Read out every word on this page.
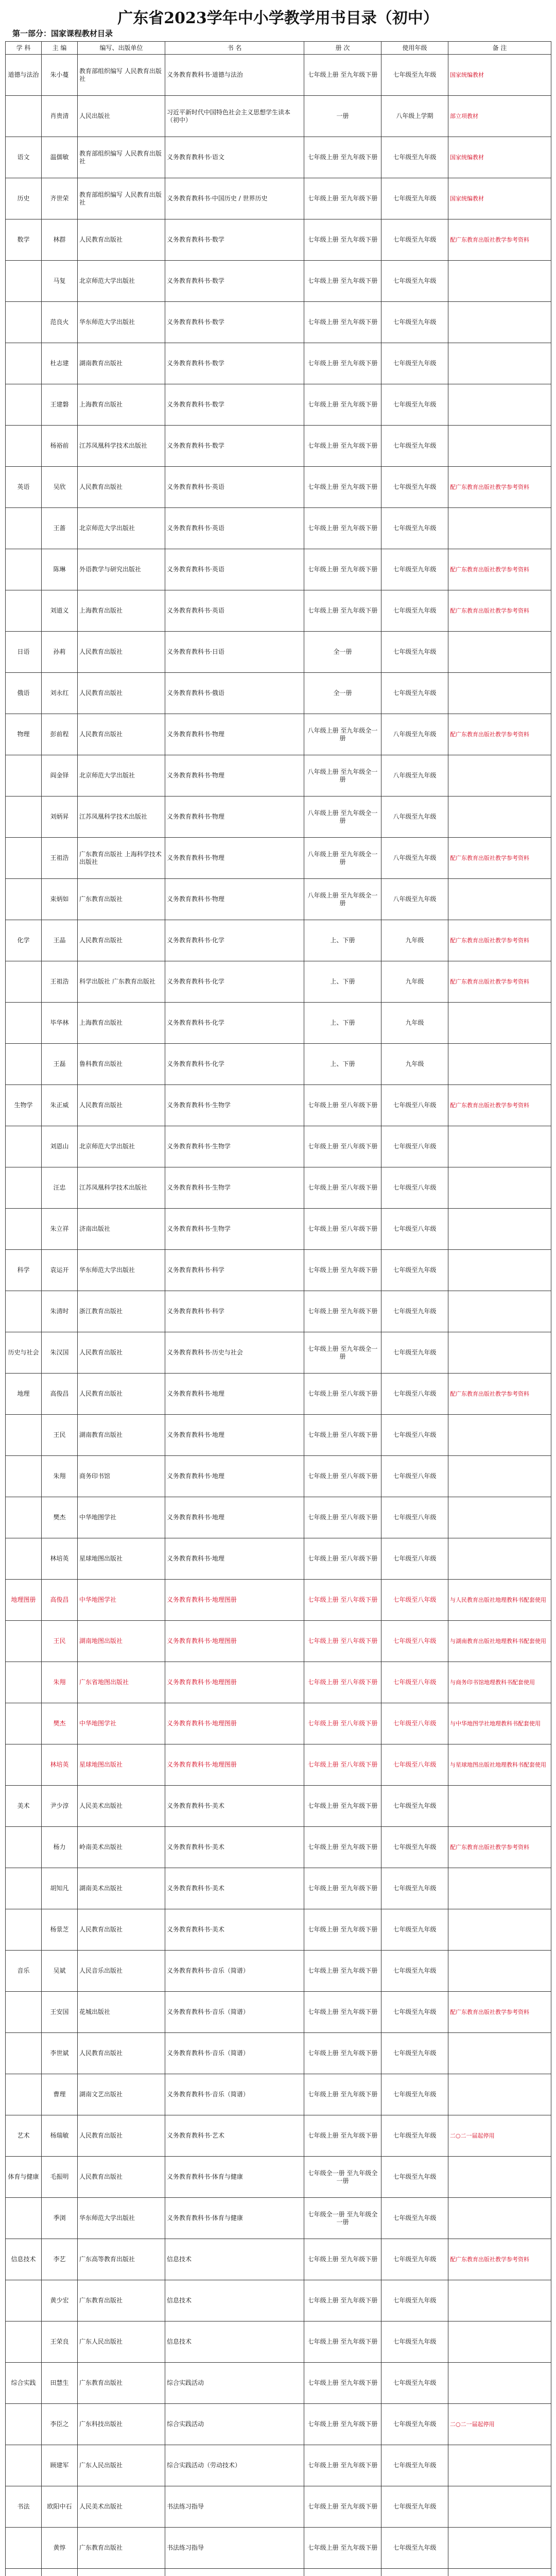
广东省2023学年中小学教学用书目录（初中）
第一部分：国家课程教材目录
学 科	主 编	编写、出版单位	书 名	册 次	使用年级	备 注
道德与法治	朱小蔓	教育部组织编写 人民教育出版社	义务教育教科书·道德与法治	七年级上册 至九年级下册	七年级至九年级	国家统编教材
	肖贵清	人民出版社	习近平新时代中国特色社会主义思想学生读本（初中）	一册	八年级上学期	部立项教材
语文	温儒敏	教育部组织编写 人民教育出版社	义务教育教科书·语文	七年级上册 至九年级下册	七年级至九年级	国家统编教材
历史	齐世荣	教育部组织编写 人民教育出版社	义务教育教科书·中国历史 / 世界历史	七年级上册 至九年级下册	七年级至九年级	国家统编教材
数学	林群	人民教育出版社	义务教育教科书·数学	七年级上册 至九年级下册	七年级至九年级	配广东教育出版社教学参考资料
	马复	北京师范大学出版社	义务教育教科书·数学	七年级上册 至九年级下册	七年级至九年级	
	范良火	华东师范大学出版社	义务教育教科书·数学	七年级上册 至九年级下册	七年级至九年级	
	杜志建	湖南教育出版社	义务教育教科书·数学	七年级上册 至九年级下册	七年级至九年级	
	王建磐	上海教育出版社	义务教育教科书·数学	七年级上册 至九年级下册	七年级至九年级	
	杨裕前	江苏凤凰科学技术出版社	义务教育教科书·数学	七年级上册 至九年级下册	七年级至九年级	
英语	吴欣	人民教育出版社	义务教育教科书·英语	七年级上册 至九年级下册	七年级至九年级	配广东教育出版社教学参考资料
	王蔷	北京师范大学出版社	义务教育教科书·英语	七年级上册 至九年级下册	七年级至九年级	
	陈琳	外语教学与研究出版社	义务教育教科书·英语	七年级上册 至九年级下册	七年级至九年级	配广东教育出版社教学参考资料
	刘道义	上海教育出版社	义务教育教科书·英语	七年级上册 至九年级下册	七年级至九年级	配广东教育出版社教学参考资料
日语	孙莉	人民教育出版社	义务教育教科书·日语	全一册	七年级至九年级	
俄语	刘永红	人民教育出版社	义务教育教科书·俄语	全一册	七年级至九年级	
物理	彭前程	人民教育出版社	义务教育教科书·物理	八年级上册 至九年级全一册	八年级至九年级	配广东教育出版社教学参考资料
	阎金铎	北京师范大学出版社	义务教育教科书·物理	八年级上册 至九年级全一册	八年级至九年级	
	刘炳昇	江苏凤凰科学技术出版社	义务教育教科书·物理	八年级上册 至九年级全一册	八年级至九年级	
	王祖浩	广东教育出版社 上海科学技术出版社	义务教育教科书·物理	八年级上册 至九年级全一册	八年级至九年级	配广东教育出版社教学参考资料
	束炳如	广东教育出版社	义务教育教科书·物理	八年级上册 至九年级全一册	八年级至九年级	
化学	王晶	人民教育出版社	义务教育教科书·化学	上、下册	九年级	配广东教育出版社教学参考资料
	王祖浩	科学出版社 广东教育出版社	义务教育教科书·化学	上、下册	九年级	配广东教育出版社教学参考资料
	毕华林	上海教育出版社	义务教育教科书·化学	上、下册	九年级	
	王磊	鲁科教育出版社	义务教育教科书·化学	上、下册	九年级	
生物学	朱正威	人民教育出版社	义务教育教科书·生物学	七年级上册 至八年级下册	七年级至八年级	配广东教育出版社教学参考资料
	刘恩山	北京师范大学出版社	义务教育教科书·生物学	七年级上册 至八年级下册	七年级至八年级	
	汪忠	江苏凤凰科学技术出版社	义务教育教科书·生物学	七年级上册 至八年级下册	七年级至八年级	
	朱立祥	济南出版社	义务教育教科书·生物学	七年级上册 至八年级下册	七年级至八年级	
科学	袁运开	华东师范大学出版社	义务教育教科书·科学	七年级上册 至九年级下册	七年级至九年级	
	朱清时	浙江教育出版社	义务教育教科书·科学	七年级上册 至九年级下册	七年级至九年级	
历史与社会	朱汉国	人民教育出版社	义务教育教科书·历史与社会	七年级上册 至九年级全一册	七年级至九年级	
地理	高俊昌	人民教育出版社	义务教育教科书·地理	七年级上册 至八年级下册	七年级至八年级	配广东教育出版社教学参考资料
	王民	湖南教育出版社	义务教育教科书·地理	七年级上册 至八年级下册	七年级至八年级	
	朱翔	商务印书馆	义务教育教科书·地理	七年级上册 至八年级下册	七年级至八年级	
	樊杰	中华地图学社	义务教育教科书·地理	七年级上册 至八年级下册	七年级至八年级	
	林培英	星球地图出版社	义务教育教科书·地理	七年级上册 至八年级下册	七年级至八年级	
地理图册	高俊昌	中华地图学社	义务教育教科书·地理图册	七年级上册 至八年级下册	七年级至八年级	与人民教育出版社地理教科书配套使用
	王民	湖南地图出版社	义务教育教科书·地理图册	七年级上册 至八年级下册	七年级至八年级	与湖南教育出版社地理教科书配套使用
	朱翔	广东省地图出版社	义务教育教科书·地理图册	七年级上册 至八年级下册	七年级至八年级	与商务印书馆地理教科书配套使用
	樊杰	中华地图学社	义务教育教科书·地理图册	七年级上册 至八年级下册	七年级至八年级	与中华地图学社地理教科书配套使用
	林培英	星球地图出版社	义务教育教科书·地理图册	七年级上册 至八年级下册	七年级至八年级	与星球地图出版社地理教科书配套使用
美术	尹少淳	人民美术出版社	义务教育教科书·美术	七年级上册 至九年级下册	七年级至九年级	
	杨力	岭南美术出版社	义务教育教科书·美术	七年级上册 至九年级下册	七年级至九年级	配广东教育出版社教学参考资料
	胡知凡	湖南美术出版社	义务教育教科书·美术	七年级上册 至九年级下册	七年级至九年级	
	杨景芝	人民教育出版社	义务教育教科书·美术	七年级上册 至九年级下册	七年级至九年级	
音乐	吴斌	人民音乐出版社	义务教育教科书·音乐（简谱）	七年级上册 至九年级下册	七年级至九年级	
	王安国	花城出版社	义务教育教科书·音乐（简谱）	七年级上册 至九年级下册	七年级至九年级	配广东教育出版社教学参考资料
	李世斌	人民教育出版社	义务教育教科书·音乐（简谱）	七年级上册 至九年级下册	七年级至九年级	
	曹理	湖南文艺出版社	义务教育教科书·音乐（简谱）	七年级上册 至九年级下册	七年级至九年级	
艺术	杨瑞敏	人民教育出版社	义务教育教科书·艺术	七年级上册 至九年级下册	七年级至九年级	二○二一届起停用
体育与健康	毛振明	人民教育出版社	义务教育教科书·体育与健康	七年级全一册 至九年级全一册	七年级至九年级	
	季浏	华东师范大学出版社	义务教育教科书·体育与健康	七年级全一册 至九年级全一册	七年级至九年级	
信息技术	李艺	广东高等教育出版社	信息技术	七年级上册 至九年级下册	七年级至九年级	配广东教育出版社教学参考资料
	黄少宏	广东教育出版社	信息技术	七年级上册 至九年级下册	七年级至九年级	
	王荣良	广东人民出版社	信息技术	七年级上册 至九年级下册	七年级至九年级	
综合实践	田慧生	广东教育出版社	综合实践活动	七年级上册 至九年级下册	七年级至九年级	
	李臣之	广东科技出版社	综合实践活动	七年级上册 至九年级下册	七年级至九年级	二○二一届起停用
	顾建军	广东人民出版社	综合实践活动（劳动技术）	七年级上册 至九年级下册	七年级至九年级	
书法	欧阳中石	人民美术出版社	书法练习指导	七年级上册 至九年级下册	七年级至九年级	
	黄惇	广东教育出版社	书法练习指导	七年级上册 至九年级下册	七年级至九年级	
